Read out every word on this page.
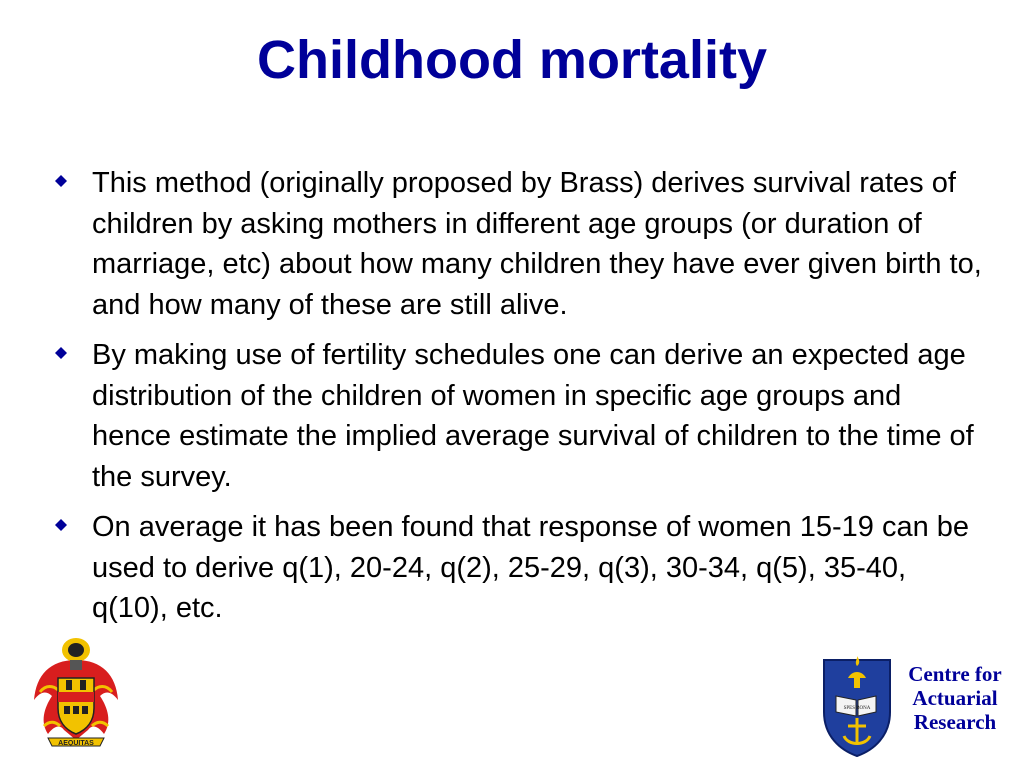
Childhood mortality
This method (originally proposed by Brass) derives survival rates of children by asking mothers in different age groups (or duration of marriage, etc) about how many children they have ever given birth to, and how many of these are still alive.
By making use of fertility schedules one can derive an expected age distribution of the children of women in specific age groups and hence estimate the implied average survival of children to the time of the survey.
On average it has been found that response of women 15-19 can be used to derive q(1), 20-24, q(2), 25-29, q(3), 30-34, q(5), 35-40, q(10), etc.
AEQUITAS
SPES BONA
Centre for
Actuarial
Research
